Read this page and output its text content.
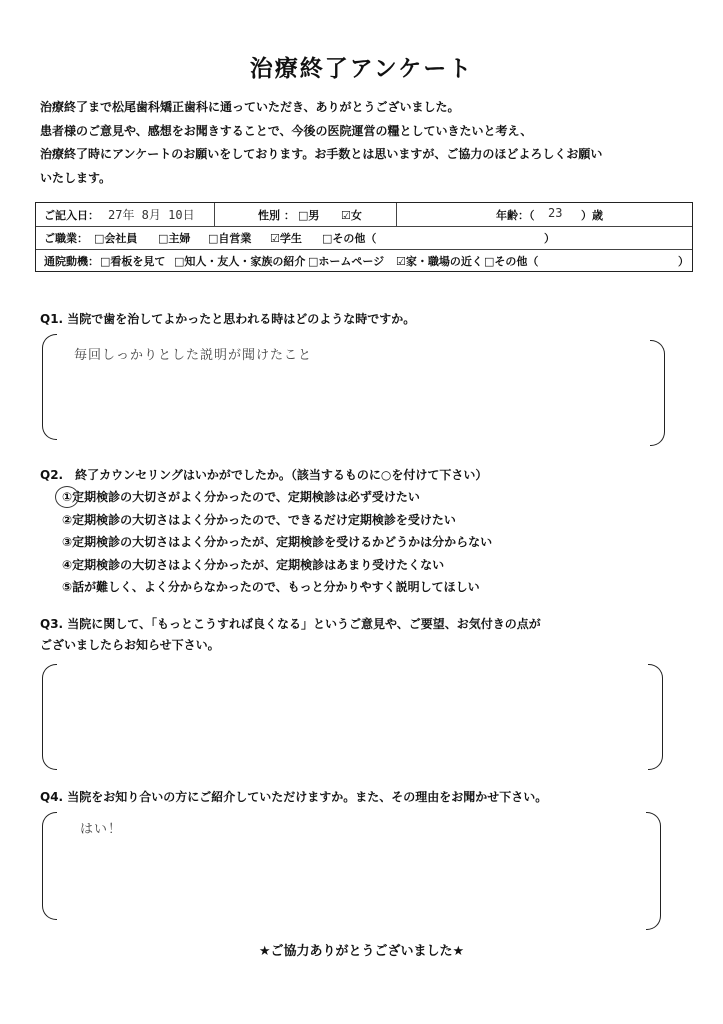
治療終了アンケート
治療終了まで松尾歯科矯正歯科に通っていただき、ありがとうございました。
患者様のご意見や、感想をお聞きすることで、今後の医院運営の糧としていきたいと考え、
治療終了時にアンケートのお願いをしております。お手数とは思いますが、ご協力のほどよろしくお願い
いたします。
ご記入日： 27年 8月 10日	性別 ： □男 ☑女	年齢：（ 23 ）歳
ご職業： □会社員 □主婦 □自営業 ☑学生 □その他（	）
通院動機： □看板を見て □知人・友人・家族の紹介 □ホームページ ☑家・職場の近く □その他（	）
Q1. 当院で歯を治してよかったと思われる時はどのような時ですか。
毎回しっかりとした説明が聞けたこと
Q2.　終了カウンセリングはいかがでしたか。（該当するものに○を付けて下さい）
①定期検診の大切さがよく分かったので、定期検診は必ず受けたい
②定期検診の大切さはよく分かったので、できるだけ定期検診を受けたい
③定期検診の大切さはよく分かったが、定期検診を受けるかどうかは分からない
④定期検診の大切さはよく分かったが、定期検診はあまり受けたくない
⑤話が難しく、よく分からなかったので、もっと分かりやすく説明してほしい
Q3. 当院に関して、「もっとこうすれば良くなる」というご意見や、ご要望、お気付きの点が
ございましたらお知らせ下さい。
Q4. 当院をお知り合いの方にご紹介していただけますか。また、その理由をお聞かせ下さい。
はい！
★ご協力ありがとうございました★
